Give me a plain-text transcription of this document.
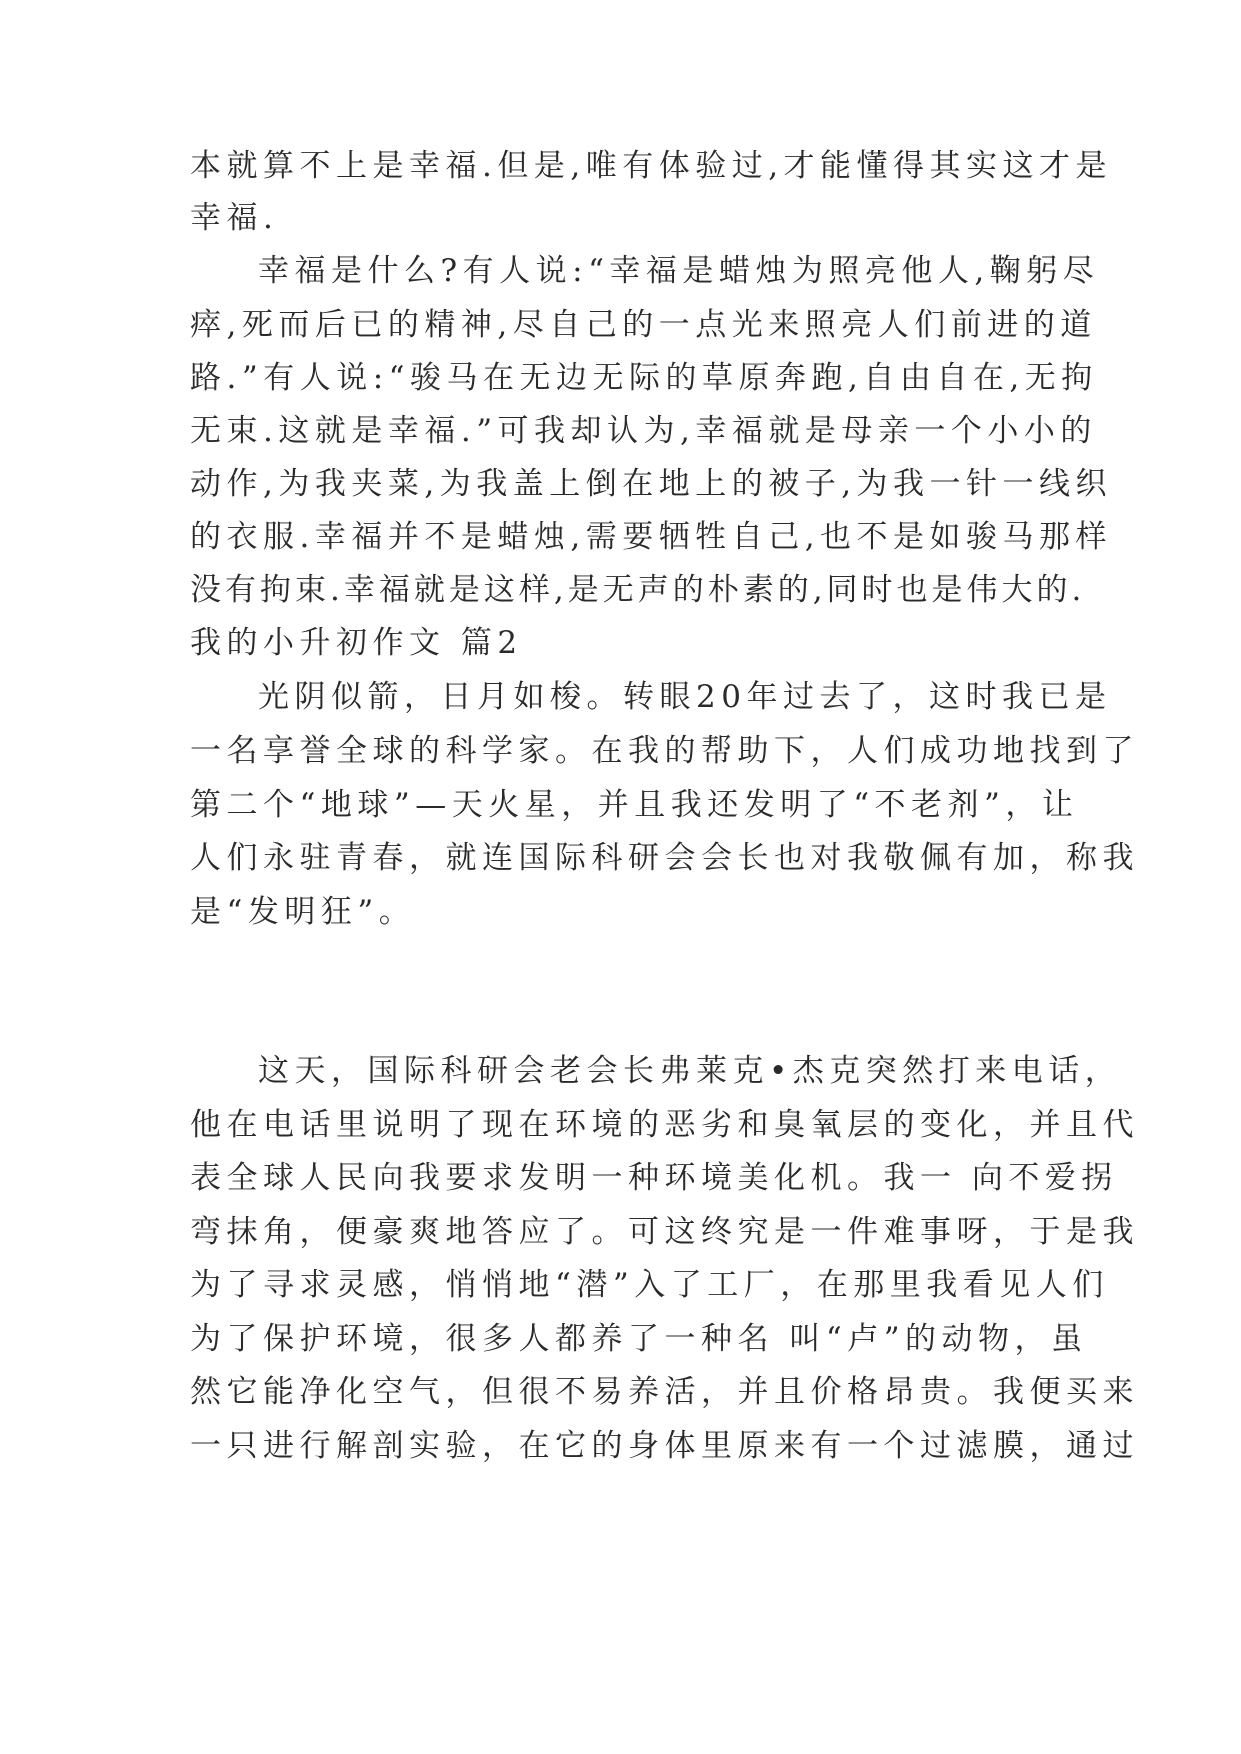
本就算不上是幸福.但是,唯有体验过,才能懂得其实这才是
幸福.
幸福是什么?有人说:“幸福是蜡烛为照亮他人,鞠躬尽
瘁,死而后已的精神,尽自己的一点光来照亮人们前进的道
路.”有人说:“骏马在无边无际的草原奔跑,自由自在,无拘
无束.这就是幸福.”可我却认为,幸福就是母亲一个小小的
动作,为我夹菜,为我盖上倒在地上的被子,为我一针一线织
的衣服.幸福并不是蜡烛,需要牺牲自己,也不是如骏马那样
没有拘束.幸福就是这样,是无声的朴素的,同时也是伟大的.
我的小升初作文 篇2
光阴似箭，日月如梭。转眼20年过去了，这时我已是
一名享誉全球的科学家。在我的帮助下，人们成功地找到了
第二个“地球”—天火星，并且我还发明了“不老剂”，让
人们永驻青春，就连国际科研会会长也对我敬佩有加，称我
是“发明狂”。
这天，国际科研会老会长弗莱克•杰克突然打来电话，
他在电话里说明了现在环境的恶劣和臭氧层的变化，并且代
表全球人民向我要求发明一种环境美化机。我一 向不爱拐
弯抹角，便豪爽地答应了。可这终究是一件难事呀，于是我
为了寻求灵感，悄悄地“潜”入了工厂，在那里我看见人们
为了保护环境，很多人都养了一种名 叫“卢”的动物，虽
然它能净化空气，但很不易养活，并且价格昂贵。我便买来
一只进行解剖实验，在它的身体里原来有一个过滤膜，通过
